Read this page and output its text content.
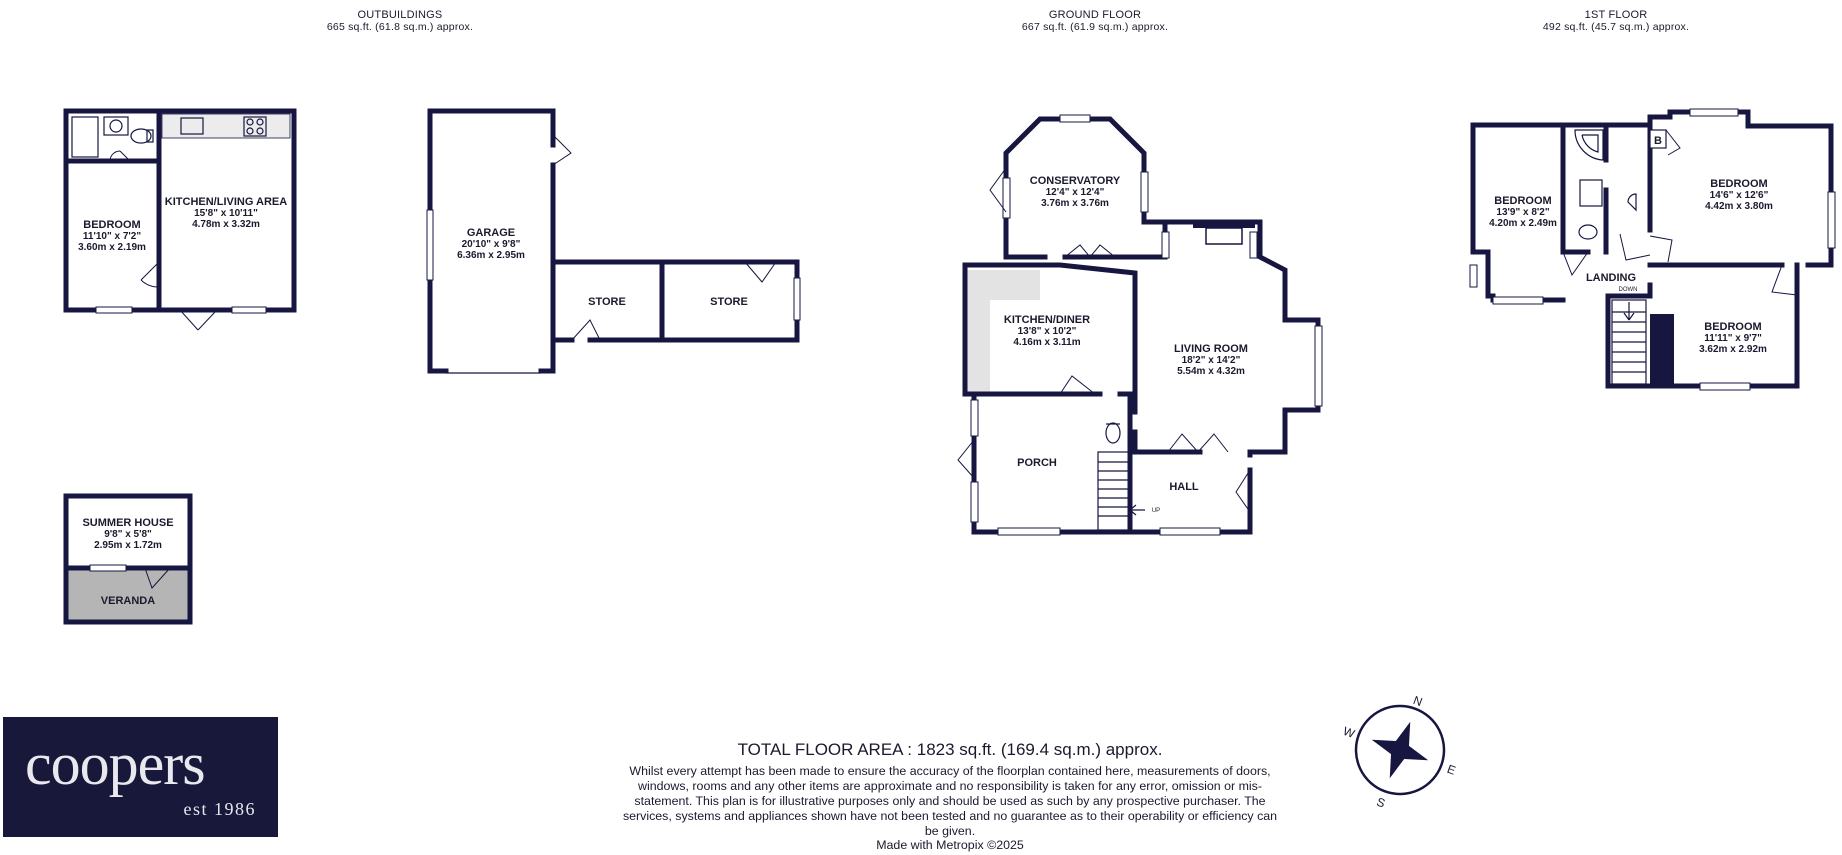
OUTBUILDINGS
665 sq.ft. (61.8 sq.m.) approx.
GROUND FLOOR
667 sq.ft. (61.9 sq.m.) approx.
1ST FLOOR
492 sq.ft. (45.7 sq.m.) approx.
BEDROOM
11'10" x 7'2"
3.60m x 2.19m
KITCHEN/LIVING AREA
15'8" x 10'11"
4.78m x 3.32m
GARAGE
20'10" x 9'8"
6.36m x 2.95m
STORE	STORE
SUMMER HOUSE
9'8" x 5'8"
2.95m x 1.72m
VERANDA
UP
CONSERVATORY
12'4" x 12'4"
3.76m x 3.76m
KITCHEN/DINER
13'8" x 10'2"
4.16m x 3.11m
LIVING ROOM
18'2" x 14'2"
5.54m x 4.32m
PORCH
HALL
B
BEDROOM
13'9" x 8'2"
4.20m x 2.49m
BEDROOM
14'6" x 12'6"
4.42m x 3.80m
BEDROOM
11'11" x 9'7"
3.62m x 2.92m
LANDING
DOWN
N
E
S
W
coopers
est 1986
TOTAL FLOOR AREA : 1823 sq.ft. (169.4 sq.m.) approx.
Whilst every attempt has been made to ensure the accuracy of the floorplan contained here, measurements of doors, windows, rooms and any other items are approximate and no responsibility is taken for any error, omission or mis-statement. This plan is for illustrative purposes only and should be used as such by any prospective purchaser. The services, systems and appliances shown have not been tested and no guarantee as to their operability or efficiency can be given.
Made with Metropix ©2025
